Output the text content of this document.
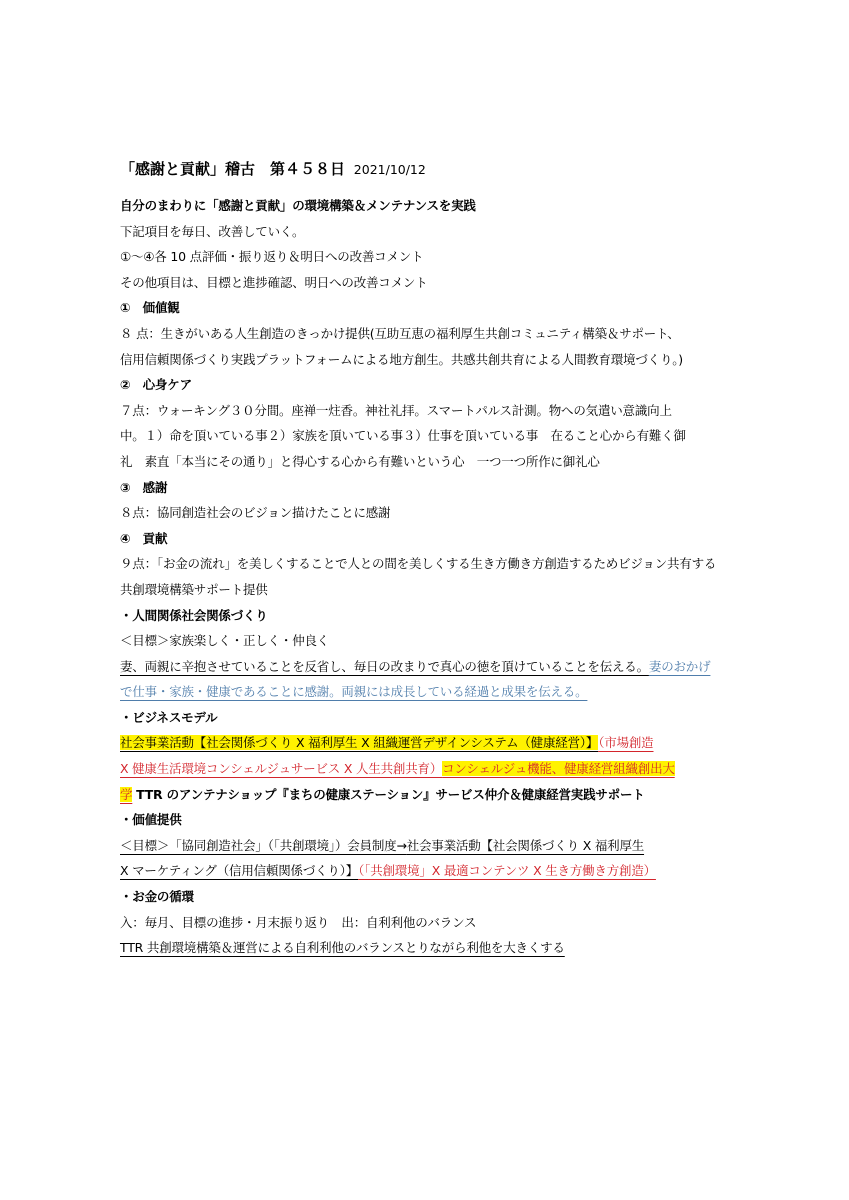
「感謝と貢献」稽古　第４５８日 2021/10/12
自分のまわりに「感謝と貢献」の環境構築＆メンテナンスを実践
下記項目を毎日、改善していく。
①～④各 10 点評価・振り返り＆明日への改善コメント
その他項目は、目標と進捗確認、明日への改善コメント
①　価値観
８ 点：生きがいある人生創造のきっかけ提供(互助互恵の福利厚生共創コミュニティ構築＆サポート、
信用信頼関係づくり実践プラットフォームによる地方創生。共感共創共育による人間教育環境づくり。)
②　心身ケア
７点：ウォーキング３０分間。座禅一炷香。神社礼拝。スマートパルス計測。物への気遣い意識向上
中。１）命を頂いている事２）家族を頂いている事３）仕事を頂いている事　在ること心から有難く御
礼　素直「本当にその通り」と得心する心から有難いという心　一つ一つ所作に御礼心
③　感謝
８点：協同創造社会のビジョン描けたことに感謝
④　貢献
９点：「お金の流れ」を美しくすることで人との間を美しくする生き方働き方創造するためビジョン共有する
共創環境構築サポート提供
・人間関係社会関係づくり
＜目標＞家族楽しく・正しく・仲良く
妻、両親に辛抱させていることを反省し、毎日の改まりで真心の徳を頂けていることを伝える。妻のおかげ
で仕事・家族・健康であることに感謝。両親には成長している経過と成果を伝える。
・ビジネスモデル
社会事業活動【社会関係づくり X 福利厚生 X 組織運営デザインシステム（健康経営）】（市場創造
X 健康生活環境コンシェルジュサービス X 人生共創共育）コンシェルジュ機能、健康経営組織創出大
学 TTR のアンテナショップ『まちの健康ステーション』サービス仲介＆健康経営実践サポート
・価値提供
＜目標＞「協同創造社会」（「共創環境」）会員制度→社会事業活動【社会関係づくり X 福利厚生
X マーケティング（信用信頼関係づくり）】（「共創環境」X 最適コンテンツ X 生き方働き方創造）
・お金の循環
入：毎月、目標の進捗・月末振り返り　出：自利利他のバランス
TTR 共創環境構築＆運営による自利利他のバランスとりながら利他を大きくする
